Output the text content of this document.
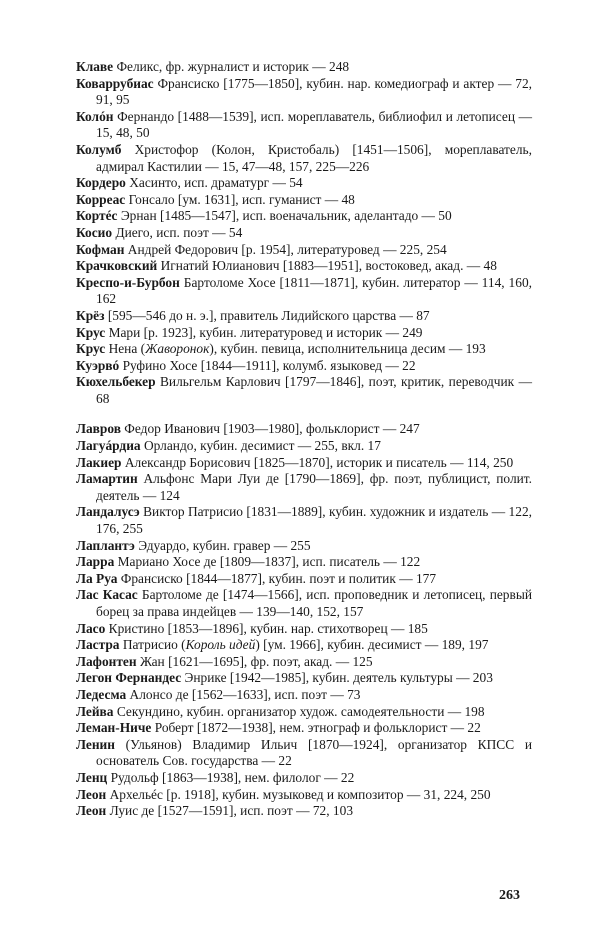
Клаве Феликс, фр. журналист и историк — 248
Коваррубиас Франсиско [1775—1850], кубин. нар. комедиограф и актер — 72, 91, 95
Колóн Фернандо [1488—1539], исп. мореплаватель, библиофил и летописец — 15, 48, 50
Колумб Христофор (Колон, Кристобаль) [1451—1506], мореплаватель, адмирал Кастилии — 15, 47—48, 157, 225—226
Кордеро Хасинто, исп. драматург — 54
Корреас Гонсало [ум. 1631], исп. гуманист — 48
Кортéс Эрнан [1485—1547], исп. военачальник, аделантадо — 50
Косио Диего, исп. поэт — 54
Кофман Андрей Федорович [р. 1954], литературовед — 225, 254
Крачковский Игнатий Юлианович [1883—1951], востоковед, акад. — 48
Креспо-и-Бурбон Бартоломе Хосе [1811—1871], кубин. литератор — 114, 160, 162
Крёз [595—546 до н. э.], правитель Лидийского царства — 87
Крус Мари [р. 1923], кубин. литературовед и историк — 249
Крус Нена (Жаворонок), кубин. певица, исполнительница десим — 193
Куэрвó Руфино Хосе [1844—1911], колумб. языковед — 22
Кюхельбекер Вильгельм Карлович [1797—1846], поэт, критик, переводчик — 68
Лавров Федор Иванович [1903—1980], фольклорист — 247
Лагуáрдиа Орландо, кубин. десимист — 255, вкл. 17
Лакиер Александр Борисович [1825—1870], историк и писатель — 114, 250
Ламартин Альфонс Мари Луи де [1790—1869], фр. поэт, публицист, полит. деятель — 124
Ландалусэ Виктор Патрисио [1831—1889], кубин. художник и издатель — 122, 176, 255
Лаплантэ Эдуардо, кубин. гравер — 255
Ларра Мариано Хосе де [1809—1837], исп. писатель — 122
Ла Руа Франсиско [1844—1877], кубин. поэт и политик — 177
Лас Касас Бартоломе де [1474—1566], исп. проповедник и летописец, первый борец за права индейцев — 139—140, 152, 157
Ласо Кристино [1853—1896], кубин. нар. стихотворец — 185
Ластра Патрисио (Король идей) [ум. 1966], кубин. десимист — 189, 197
Лафонтен Жан [1621—1695], фр. поэт, акад. — 125
Легон Фернандес Энрике [1942—1985], кубин. деятель культуры — 203
Ледесма Алонсо де [1562—1633], исп. поэт — 73
Лейва Секундино, кубин. организатор худож. самодеятельности — 198
Леман-Ниче Роберт [1872—1938], нем. этнограф и фольклорист — 22
Ленин (Ульянов) Владимир Ильич [1870—1924], организатор КПСС и основатель Сов. государства — 22
Ленц Рудольф [1863—1938], нем. филолог — 22
Леон Архельéс [р. 1918], кубин. музыковед и композитор — 31, 224, 250
Леон Луис де [1527—1591], исп. поэт — 72, 103
263
